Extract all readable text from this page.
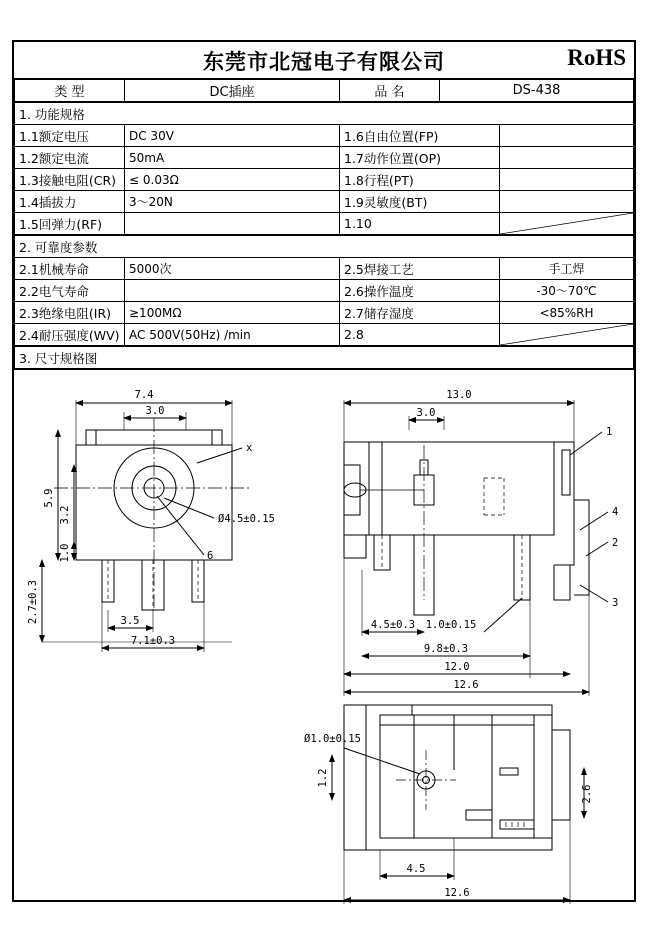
东莞市北冠电子有限公司	RoHS
类 型	DC插座	品 名	DS-438
1. 功能规格			
1.1额定电压	DC 30V	1.6自由位置(FP)	
1.2额定电流	50mA	1.7动作位置(OP)	
1.3接触电阻(CR)	≤ 0.03Ω	1.8行程(PT)	
1.4插拔力	3～20N	1.9灵敏度(BT)	
1.5回弹力(RF)		1.10	
2. 可靠度参数			
2.1机械寿命	5000次	2.5焊接工艺	手工焊
2.2电气寿命		2.6操作温度	-30～70℃
2.3绝缘电阻(IR)	≥100MΩ	2.7储存湿度	<85%RH
2.4耐压强度(WV)	AC 500V(50Hz) /min	2.8	
3. 尺寸规格图
7.4
3.0
5.9
3.2
1.0
2.7±0.3	3.5
7.1±0.3
x
Ø4.5±0.15
6
13.0
3.0
4.5±0.3
9.8±0.3
12.0
12.6
1.0±0.15
1
4
2
3
Ø1.0±0.15
1.2
2.6
4.5
12.6
